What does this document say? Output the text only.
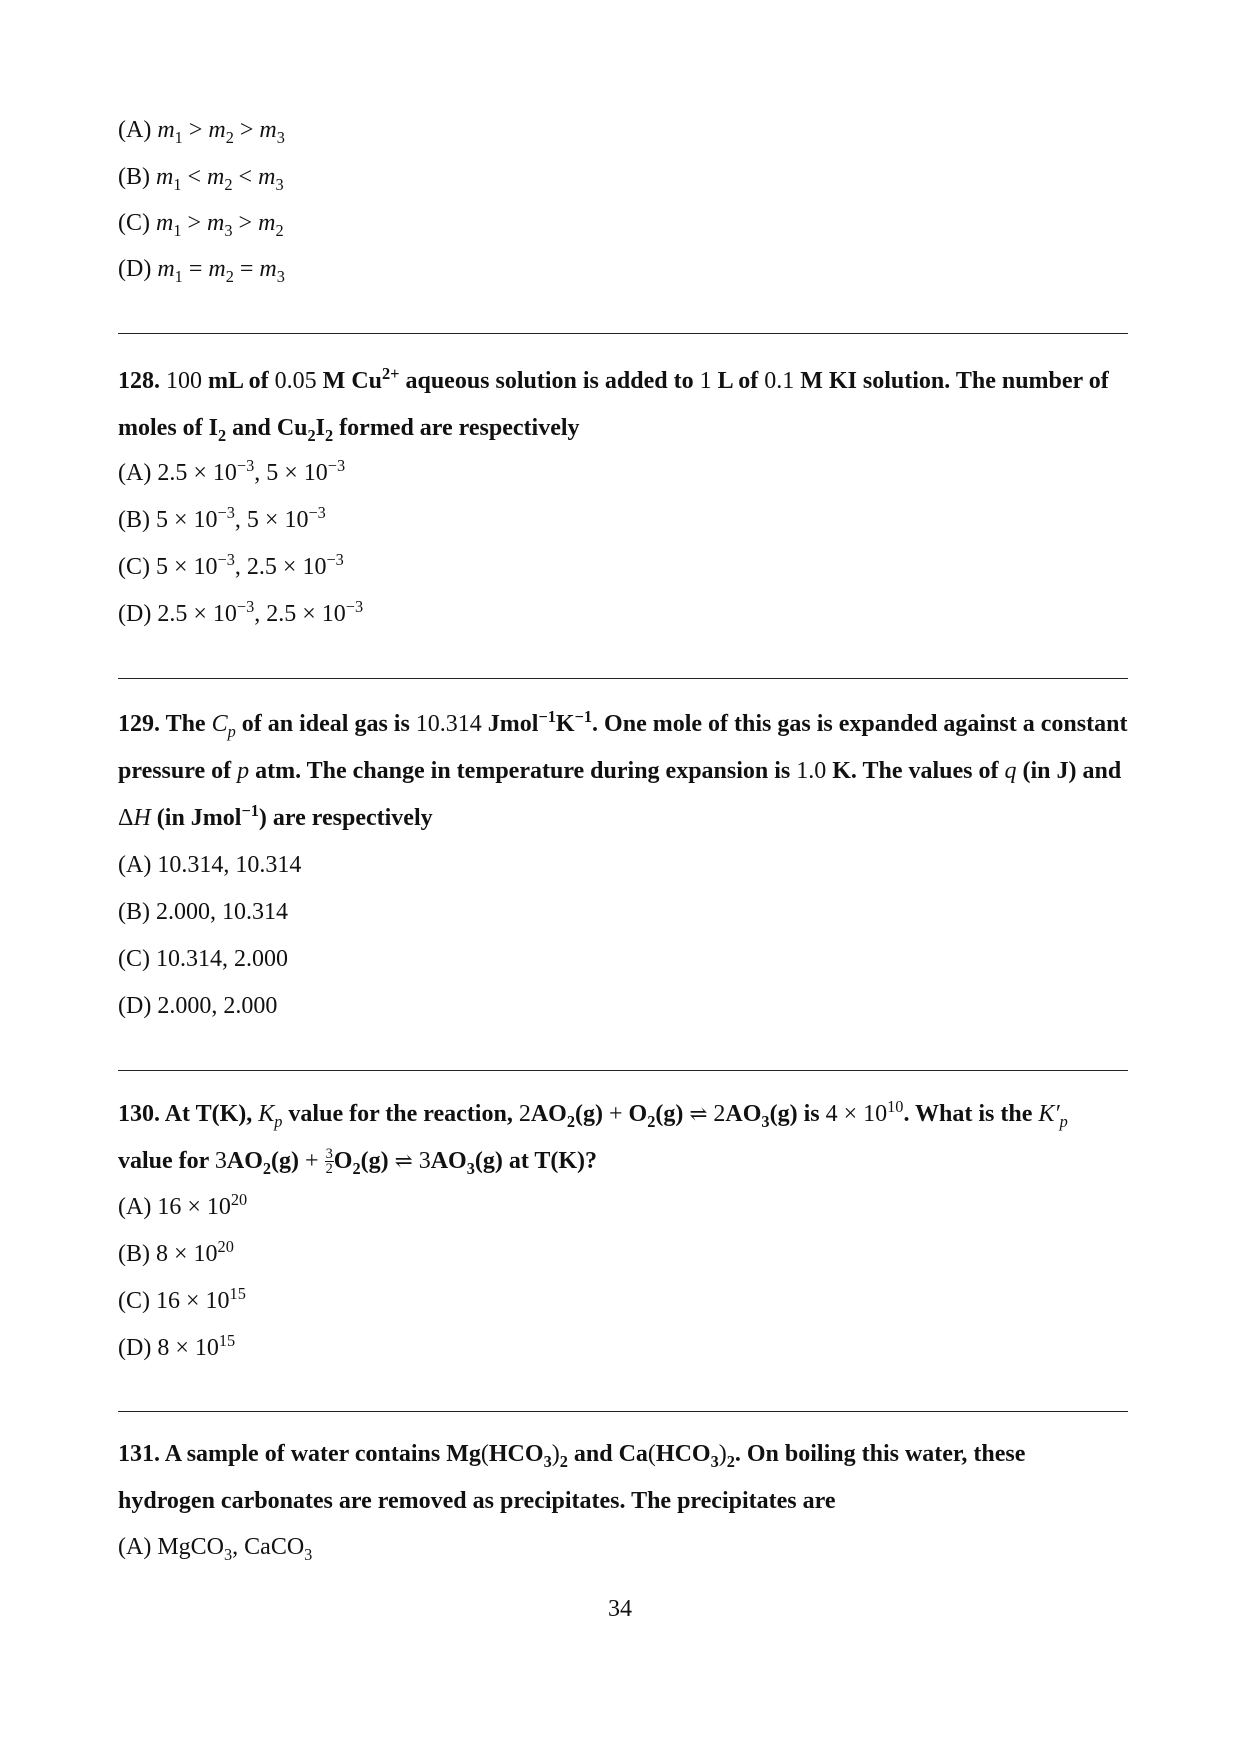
(A) $m_1 > m_2 > m_3$
(B) $m_1 < m_2 < m_3$
(C) $m_1 > m_3 > m_2$
(D) $m_1 = m_2 = m_3$
128. 100 mL of 0.05 M $Cu^{2+}$ aqueous solution is added to 1 L of 0.1 M KI solution. The number of moles of $I_2$ and $Cu_2I_2$ formed are respectively
(A) $2.5 \times 10^{-3}$, $5 \times 10^{-3}$
(B) $5 \times 10^{-3}$, $5 \times 10^{-3}$
(C) $5 \times 10^{-3}$, $2.5 \times 10^{-3}$
(D) $2.5 \times 10^{-3}$, $2.5 \times 10^{-3}$
129. The $C_p$ of an ideal gas is 10.314 $Jmol^{-1}K^{-1}$. One mole of this gas is expanded against a constant pressure of p atm. The change in temperature during expansion is 1.0 K. The values of q (in J) and ΔH (in Jmol$^{-1}$) are respectively
(A) 10.314, 10.314
(B) 2.000, 10.314
(C) 10.314, 2.000
(D) 2.000, 2.000
130. At T(K), $K_p$ value for the reaction, $2AO_2(g) + O_2(g)$ ⇌ $2AO_3(g)$ is $4 \times 10^{10}$. What is the $K'_p$ value for $3AO_2(g) + \frac{3}{2} O_2(g)$ ⇌ $3AO_3(g)$ at T(K)?
(A) $16 \times 10^{20}$
(B) $8 \times 10^{20}$
(C) $16 \times 10^{15}$
(D) $8 \times 10^{15}$
131. A sample of water contains $Mg(HCO_3)_2$ and $Ca(HCO_3)_2$. On boiling this water, these hydrogen carbonates are removed as precipitates. The precipitates are
(A) MgCO$_3$, CaCO$_3$
34
